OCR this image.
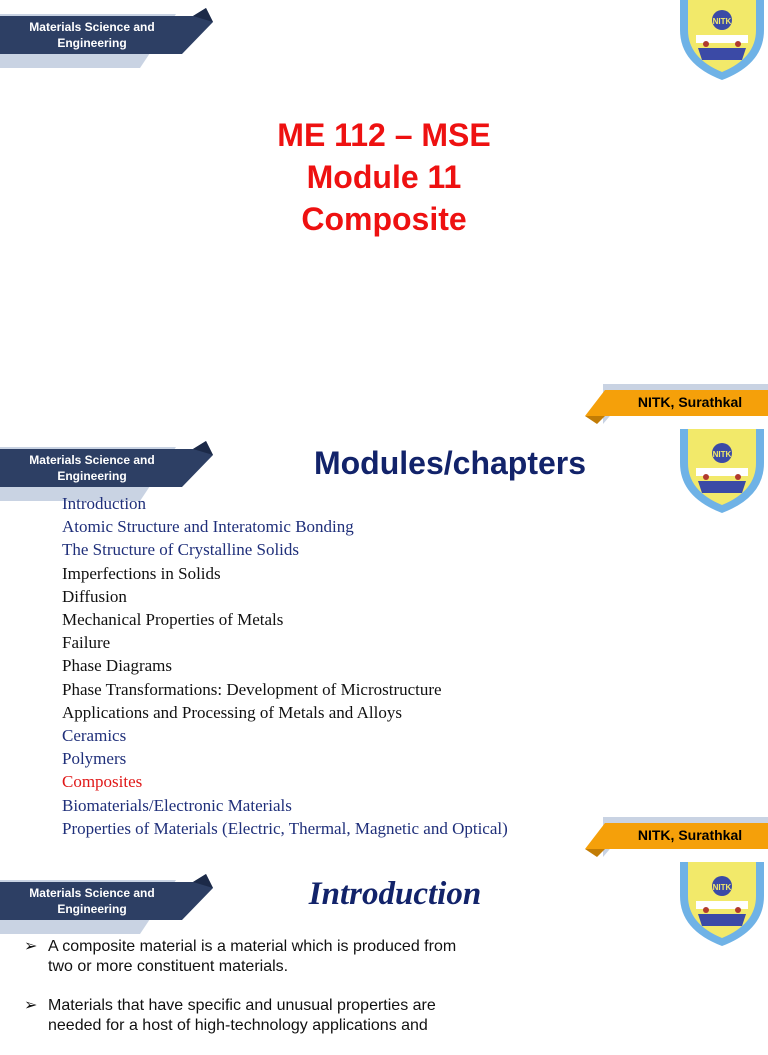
Materials Science and
Engineering
NITK
ME 112 – MSE
Module 11
Composite
NITK, Surathkal
Materials Science and
Engineering
NITK
Modules/chapters
Introduction
Atomic Structure and Interatomic Bonding
The Structure of Crystalline Solids
Imperfections in Solids
Diffusion
Mechanical Properties of Metals
Failure
Phase Diagrams
Phase Transformations: Development of Microstructure
Applications and Processing of Metals and Alloys
Ceramics
Polymers
Composites
Biomaterials/Electronic Materials
Properties of Materials (Electric, Thermal, Magnetic and Optical)	NITK, Surathkal
Materials Science and
Engineering
NITK
Introduction
➢ A composite material is a material which is produced from two or more constituent materials.
➢ Materials that have specific and unusual properties are needed for a host of high-technology applications and
